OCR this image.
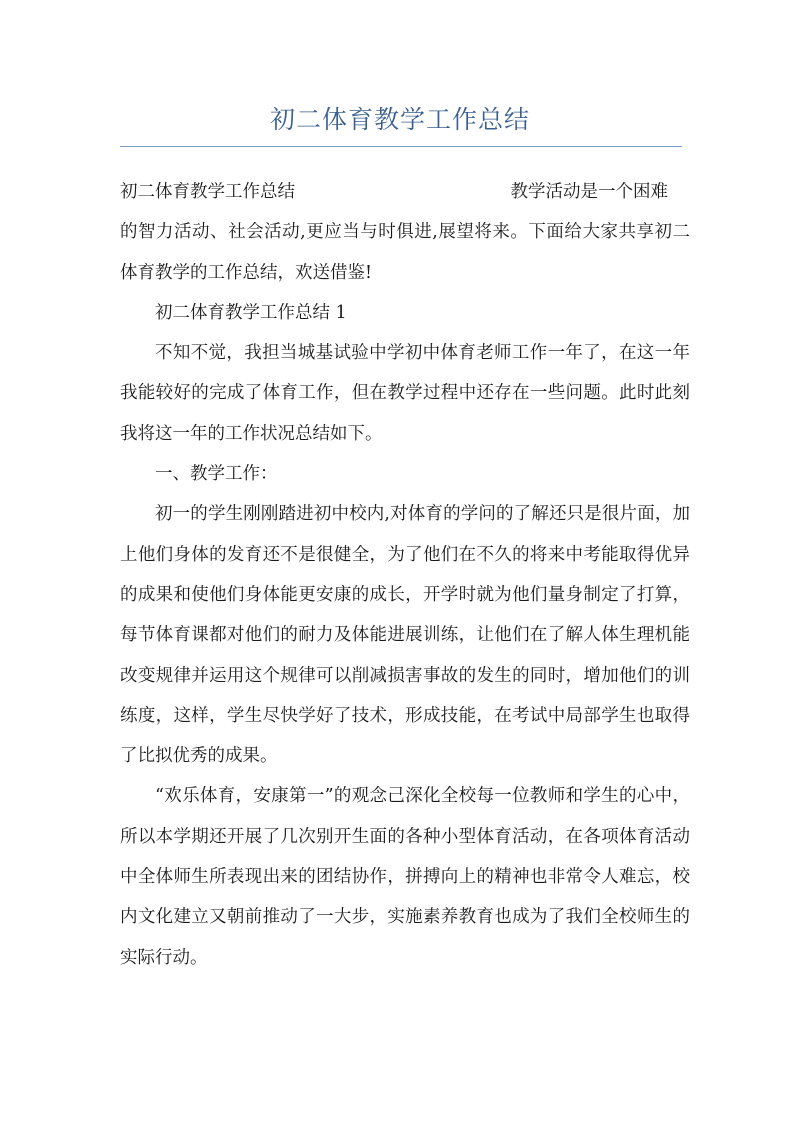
初二体育教学工作总结
初二体育教学工作总结	教学活动是一个困难

的智力活动、社会活动,更应当与时俱进,展望将来。下面给大家共享初二体育教学的工作总结，欢送借鉴!

初二体育教学工作总结 1

不知不觉，我担当城基试验中学初中体育老师工作一年了，在这一年我能较好的完成了体育工作，但在教学过程中还存在一些问题。此时此刻我将这一年的工作状况总结如下。

一、教学工作：

初一的学生刚刚踏进初中校内,对体育的学问的了解还只是很片面，加上他们身体的发育还不是很健全，为了他们在不久的将来中考能取得优异的成果和使他们身体能更安康的成长，开学时就为他们量身制定了打算，每节体育课都对他们的耐力及体能进展训练，让他们在了解人体生理机能改变规律并运用这个规律可以削减损害事故的发生的同时，增加他们的训练度，这样，学生尽快学好了技术，形成技能，在考试中局部学生也取得了比拟优秀的成果。

“欢乐体育，安康第一”的观念己深化全校每一位教师和学生的心中，所以本学期还开展了几次别开生面的各种小型体育活动，在各项体育活动中全体师生所表现出来的团结协作，拼搏向上的精神也非常令人难忘，校内文化建立又朝前推动了一大步，实施素养教育也成为了我们全校师生的实际行动。
